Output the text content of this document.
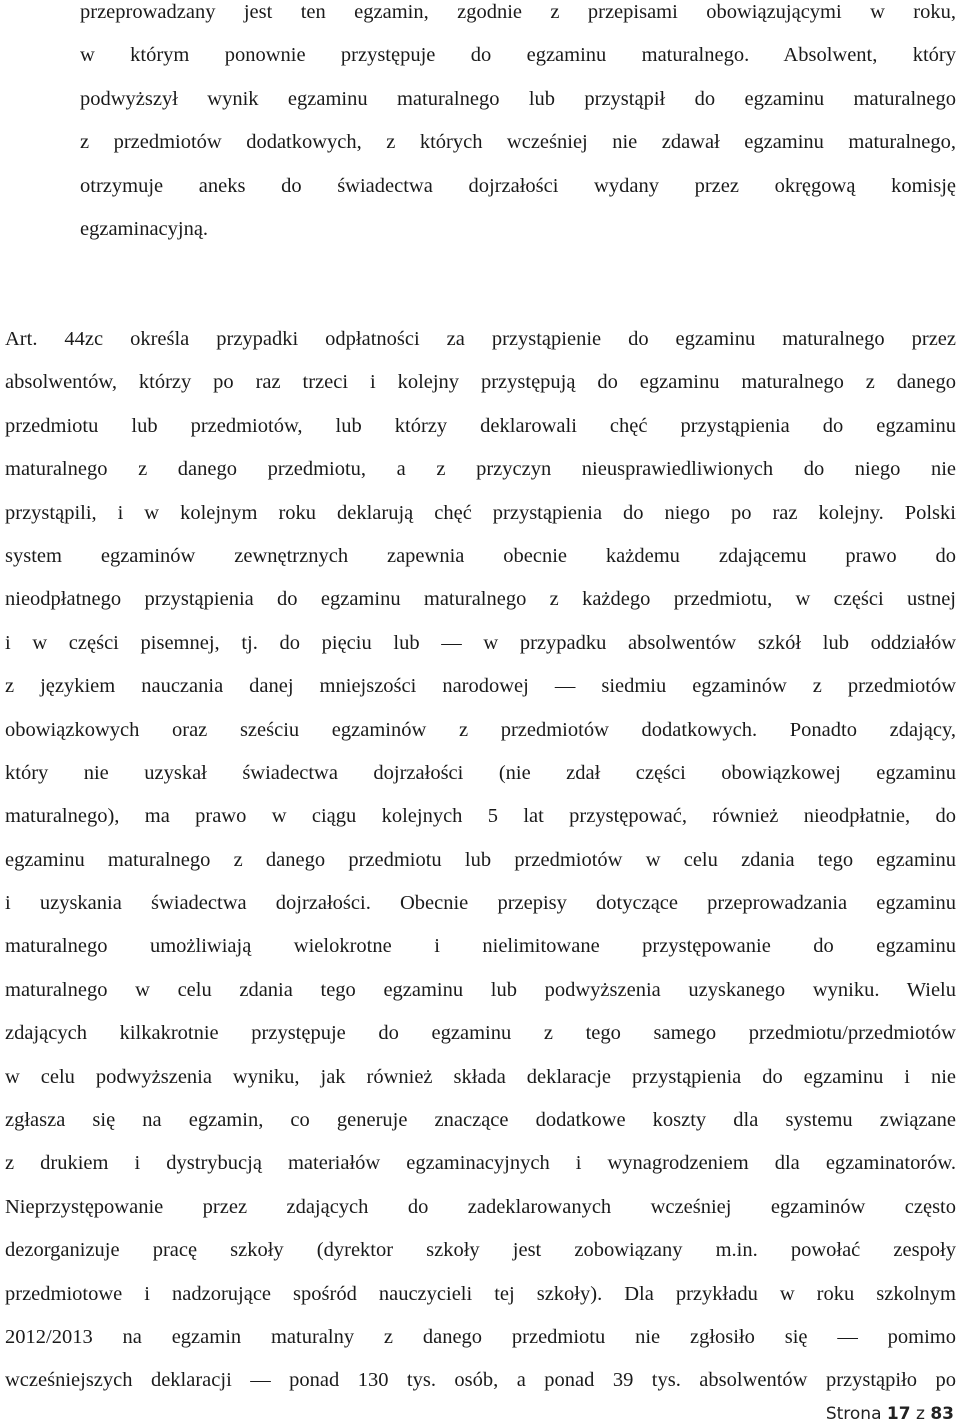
przeprowadzany jest ten egzamin, zgodnie z przepisami obowiązującymi w roku,
w którym ponownie przystępuje do egzaminu maturalnego. Absolwent, który
podwyższył wynik egzaminu maturalnego lub przystąpił do egzaminu maturalnego
z przedmiotów dodatkowych, z których wcześniej nie zdawał egzaminu maturalnego,
otrzymuje aneks do świadectwa dojrzałości wydany przez okręgową komisję
egzaminacyjną.
Art. 44zc określa przypadki odpłatności za przystąpienie do egzaminu maturalnego przez
absolwentów, którzy po raz trzeci i kolejny przystępują do egzaminu maturalnego z danego
przedmiotu lub przedmiotów, lub którzy deklarowali chęć przystąpienia do egzaminu
maturalnego z danego przedmiotu, a z przyczyn nieusprawiedliwionych do niego nie
przystąpili, i w kolejnym roku deklarują chęć przystąpienia do niego po raz kolejny. Polski
system egzaminów zewnętrznych zapewnia obecnie każdemu zdającemu prawo do
nieodpłatnego przystąpienia do egzaminu maturalnego z każdego przedmiotu, w części ustnej
i w części pisemnej, tj. do pięciu lub — w przypadku absolwentów szkół lub oddziałów
z językiem nauczania danej mniejszości narodowej — siedmiu egzaminów z przedmiotów
obowiązkowych oraz sześciu egzaminów z przedmiotów dodatkowych. Ponadto zdający,
który nie uzyskał świadectwa dojrzałości (nie zdał części obowiązkowej egzaminu
maturalnego), ma prawo w ciągu kolejnych 5 lat przystępować, również nieodpłatnie, do
egzaminu maturalnego z danego przedmiotu lub przedmiotów w celu zdania tego egzaminu
i uzyskania świadectwa dojrzałości. Obecnie przepisy dotyczące przeprowadzania egzaminu
maturalnego umożliwiają wielokrotne i nielimitowane przystępowanie do egzaminu
maturalnego w celu zdania tego egzaminu lub podwyższenia uzyskanego wyniku. Wielu
zdających kilkakrotnie przystępuje do egzaminu z tego samego przedmiotu/przedmiotów
w celu podwyższenia wyniku, jak również składa deklaracje przystąpienia do egzaminu i nie
zgłasza się na egzamin, co generuje znaczące dodatkowe koszty dla systemu związane
z drukiem i dystrybucją materiałów egzaminacyjnych i wynagrodzeniem dla egzaminatorów.
Nieprzystępowanie przez zdających do zadeklarowanych wcześniej egzaminów często
dezorganizuje pracę szkoły (dyrektor szkoły jest zobowiązany m.in. powołać zespoły
przedmiotowe i nadzorujące spośród nauczycieli tej szkoły). Dla przykładu w roku szkolnym
2012/2013 na egzamin maturalny z danego przedmiotu nie zgłosiło się — pomimo
wcześniejszych deklaracji — ponad 130 tys. osób, a ponad 39 tys. absolwentów przystąpiło po
Strona 17 z 83
